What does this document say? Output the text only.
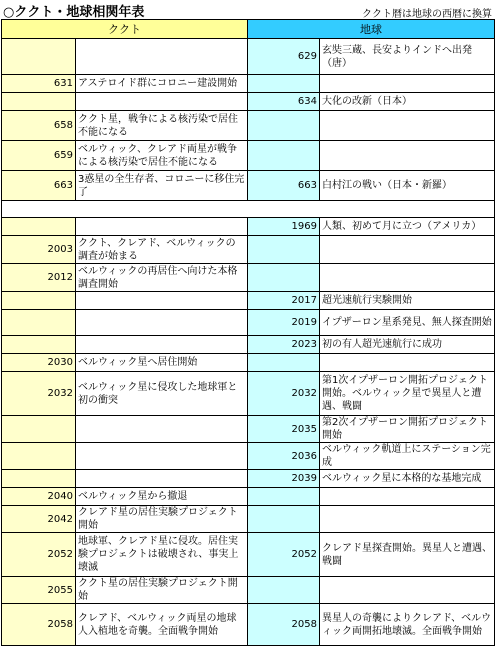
○ククト・地球相関年表	ククト暦は地球の西暦に換算
ククト		地球	
		629	玄奘三蔵、長安よりインドへ出発（唐）
631	アステロイド群にコロニー建設開始		
		634	大化の改新（日本）
658	ククト星，戦争による核汚染で居住不能になる		
659	ベルウィック、クレアド両星が戦争による核汚染で居住不能になる		
663	3惑星の全生存者、コロニーに移住完了	663	白村江の戦い（日本・新羅）

		1969	人類、初めて月に立つ（アメリカ）
2003	ククト、クレアド、ベルウィックの調査が始まる		
2012	ベルウィックの再居住へ向けた本格調査開始		
		2017	超光速航行実験開始
		2019	イプザーロン星系発見、無人探査開始
		2023	初の有人超光速航行に成功
2030	ベルウィック星へ居住開始		
2032	ベルウィック星に侵攻した地球軍と初の衝突	2032	第1次イプザーロン開拓プロジェクト開始。ベルウィック星で異星人と遭遇、戦闘
		2035	第2次イプザーロン開拓プロジェクト開始
		2036	ベルウィック軌道上にステーション完成
		2039	ベルウィック星に本格的な基地完成
2040	ベルウィック星から撤退		
2042	クレアド星の居住実験プロジェクト開始		
2052	地球軍、クレアド星に侵攻。居住実験プロジェクトは破壊され、事実上壊滅	2052	クレアド星探査開始。異星人と遭遇、戦闘
2055	ククト星の居住実験プロジェクト開始		
2058	クレアド、ベルウィック両星の地球人入植地を奇襲。全面戦争開始	2058	異星人の奇襲によりクレアド、ベルウィック両開拓地壊滅。全面戦争開始
